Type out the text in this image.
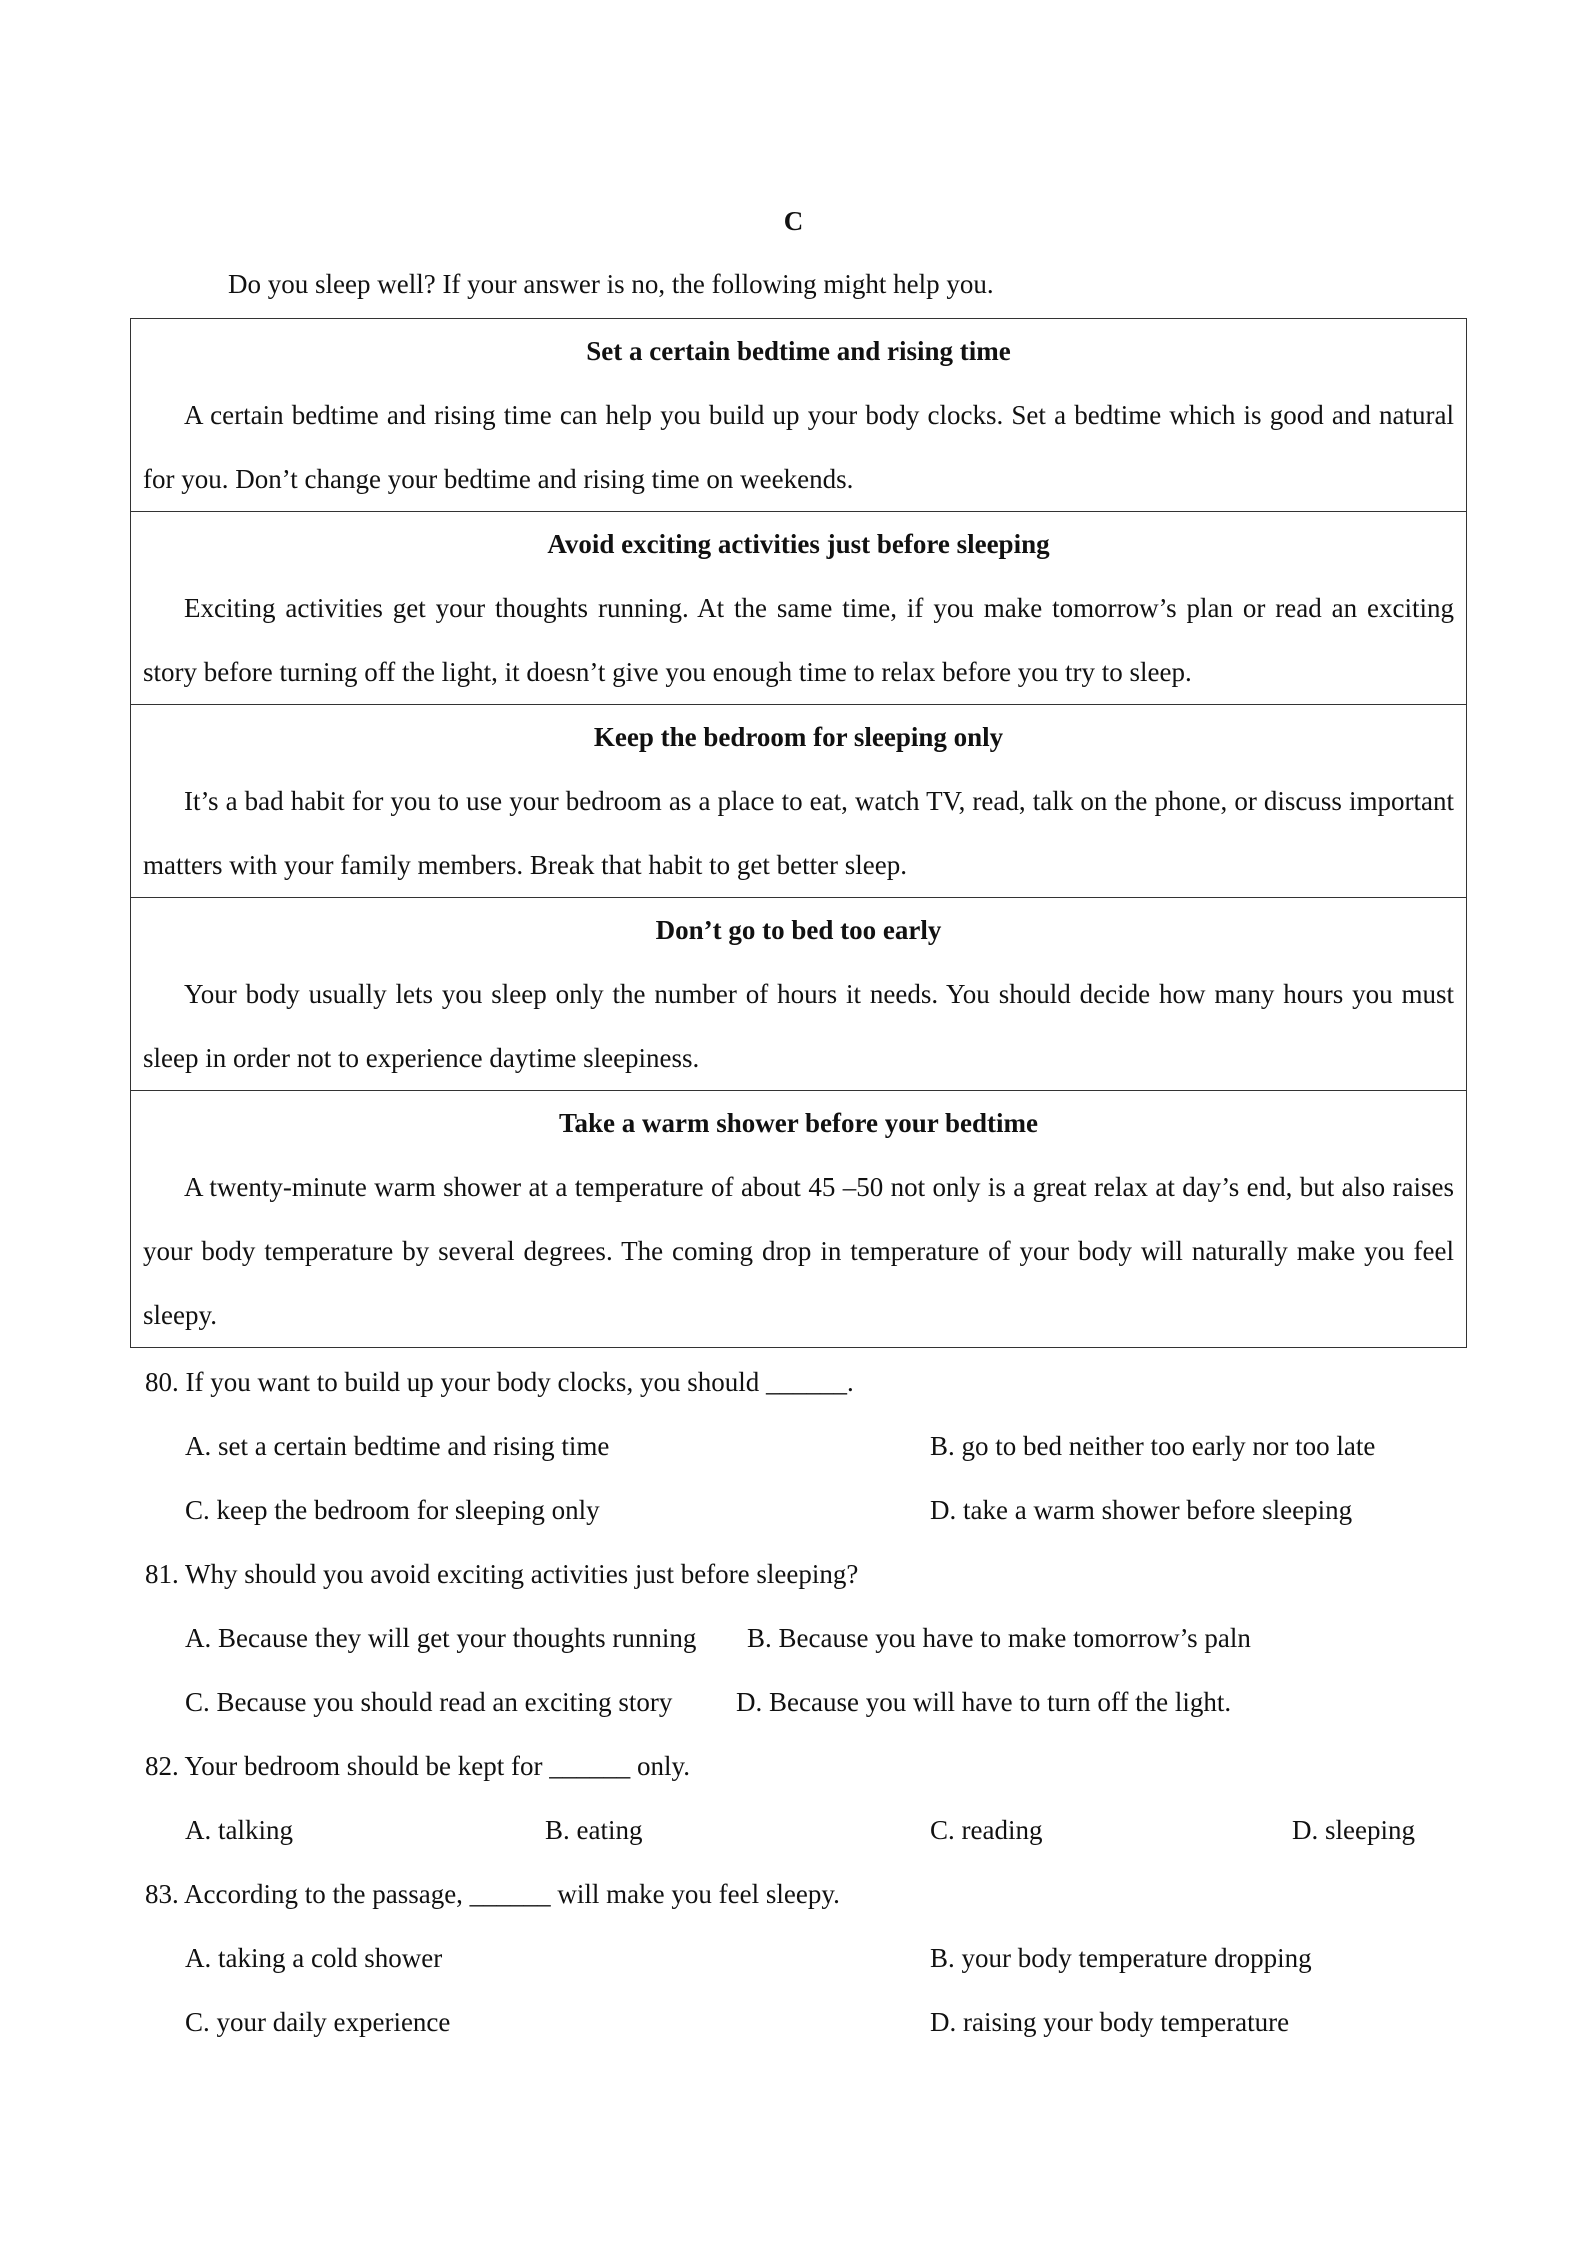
C
Do you sleep well? If your answer is no, the following might help you.
Set a certain bedtime and rising time
A certain bedtime and rising time can help you build up your body clocks. Set a bedtime which is good and natural for you. Don’t change your bedtime and rising time on weekends.

Avoid exciting activities just before sleeping
Exciting activities get your thoughts running. At the same time, if you make tomorrow’s plan or read an exciting story before turning off the light, it doesn’t give you enough time to relax before you try to sleep.

Keep the bedroom for sleeping only
It’s a bad habit for you to use your bedroom as a place to eat, watch TV, read, talk on the phone, or discuss important matters with your family members. Break that habit to get better sleep.

Don’t go to bed too early
Your body usually lets you sleep only the number of hours it needs. You should decide how many hours you must sleep in order not to experience daytime sleepiness.

Take a warm shower before your bedtime
A twenty-minute warm shower at a temperature of about 45 –50 not only is a great relax at day’s end, but also raises your body temperature by several degrees. The coming drop in temperature of your body will naturally make you feel sleepy.
80. If you want to build up your body clocks, you should ______.
A. set a certain bedtime and rising time	B. go to bed neither too early nor too late
C. keep the bedroom for sleeping only	D. take a warm shower before sleeping
81. Why should you avoid exciting activities just before sleeping?
A. Because they will get your thoughts running B. Because you have to make tomorrow’s paln
C. Because you should read an exciting story D. Because you will have to turn off the light.
82. Your bedroom should be kept for ______ only.
A. talking	B. eating	C. reading	D. sleeping
83. According to the passage, ______ will make you feel sleepy.
A. taking a cold shower	B. your body temperature dropping
C. your daily experience	D. raising your body temperature
